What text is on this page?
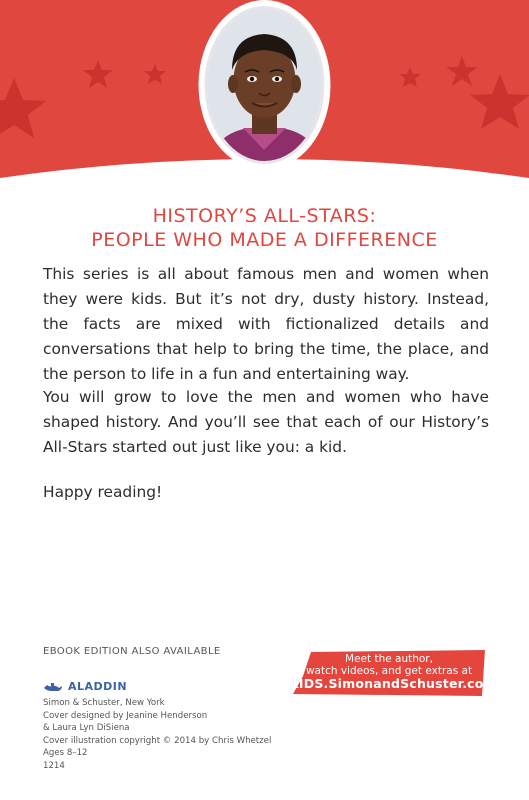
HISTORY’S ALL-STARS:
PEOPLE WHO MADE A DIFFERENCE
This series is all about famous men and women when they were kids. But it’s not dry, dusty history. Instead, the facts are mixed with fictionalized details and conversations that help to bring the time, the place, and the person to life in a fun and entertaining way.
You will grow to love the men and women who have shaped history. And you’ll see that each of our History’s All-Stars started out just like you: a kid.
Happy reading!
EBOOK EDITION ALSO AVAILABLE
ALADDIN
Simon & Schuster, New York
Cover designed by Jeanine Henderson
& Laura Lyn DiSiena
Cover illustration copyright © 2014 by Chris Whetzel
Ages 8–12
1214
Meet the author,
watch videos, and get extras at
KIDS.SimonandSchuster.com
